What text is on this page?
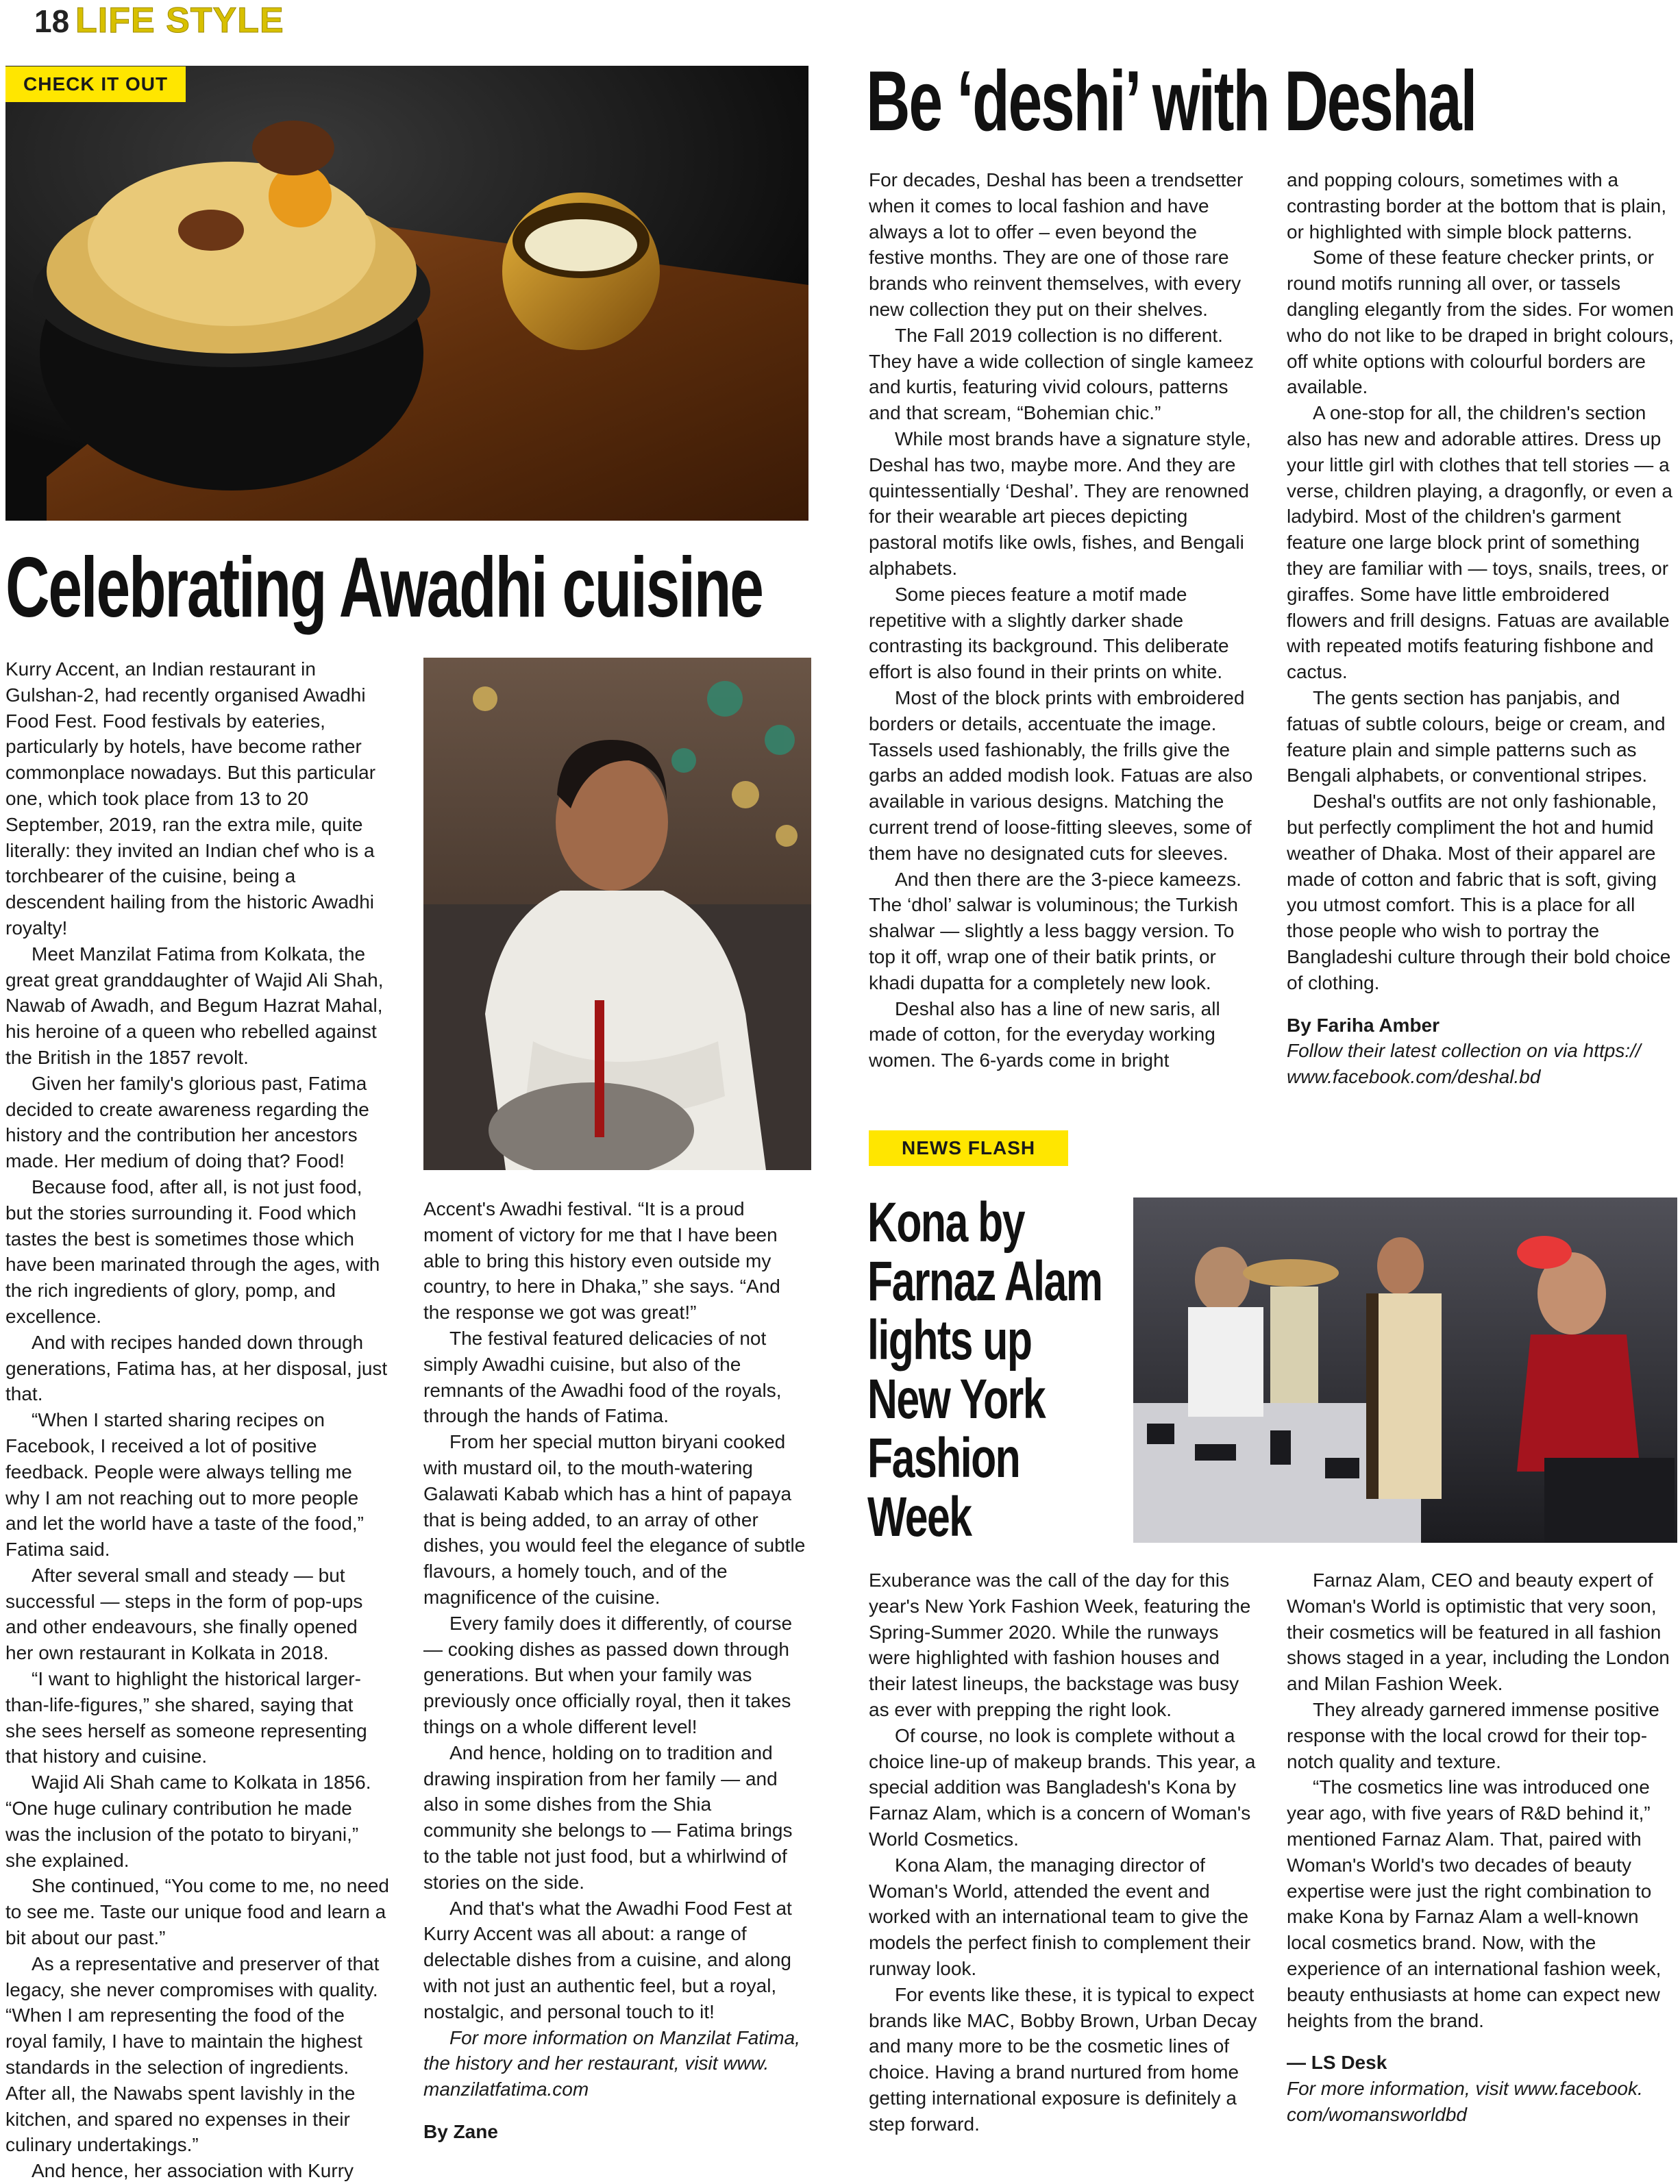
18 LIFE STYLE
CHECK IT OUT
Celebrating Awadhi cuisine

Kurry Accent, an Indian restaurant in Gulshan-2, had recently organised Awadhi Food Fest. Food festivals by eateries, particularly by hotels, have become rather commonplace nowadays. But this particular one, which took place from 13 to 20 September, 2019, ran the extra mile, quite literally: they invited an Indian chef who is a torchbearer of the cuisine, being a descendent hailing from the historic Awadhi royalty!

Meet Manzilat Fatima from Kolkata, the great great granddaughter of Wajid Ali Shah, Nawab of Awadh, and Begum Hazrat Mahal, his heroine of a queen who rebelled against the British in the 1857 revolt.

Given her family's glorious past, Fatima decided to create awareness regarding the history and the contribution her ancestors made. Her medium of doing that? Food!

Because food, after all, is not just food, but the stories surrounding it. Food which tastes the best is sometimes those which have been marinated through the ages, with the rich ingredients of glory, pomp, and excellence.

And with recipes handed down through generations, Fatima has, at her disposal, just that.

“When I started sharing recipes on Facebook, I received a lot of positive feedback. People were always telling me why I am not reaching out to more people and let the world have a taste of the food,” Fatima said.

After several small and steady — but successful — steps in the form of pop-ups and other endeavours, she finally opened her own restaurant in Kolkata in 2018.

“I want to highlight the historical larger-than-life-figures,” she shared, saying that she sees herself as someone representing that history and cuisine.

Wajid Ali Shah came to Kolkata in 1856. “One huge culinary contribution he made was the inclusion of the potato to biryani,” she explained.

She continued, “You come to me, no need to see me. Taste our unique food and learn a bit about our past.”

As a representative and preserver of that legacy, she never compromises with quality. “When I am representing the food of the royal family, I have to maintain the highest standards in the selection of ingredients. After all, the Nawabs spent lavishly in the kitchen, and spared no expenses in their culinary undertakings.”

And hence, her association with Kurry

Accent's Awadhi festival. “It is a proud moment of victory for me that I have been able to bring this history even outside my country, to here in Dhaka,” she says. “And the response we got was great!”

The festival featured delicacies of not simply Awadhi cuisine, but also of the remnants of the Awadhi food of the royals, through the hands of Fatima.

From her special mutton biryani cooked with mustard oil, to the mouth-watering Galawati Kabab which has a hint of papaya that is being added, to an array of other dishes, you would feel the elegance of subtle flavours, a homely touch, and of the magnificence of the cuisine.

Every family does it differently, of course — cooking dishes as passed down through generations. But when your family was previously once officially royal, then it takes things on a whole different level!

And hence, holding on to tradition and drawing inspiration from her family — and also in some dishes from the Shia community she belongs to — Fatima brings to the table not just food, but a whirlwind of stories on the side.

And that's what the Awadhi Food Fest at Kurry Accent was all about: a range of delectable dishes from a cuisine, and along with not just an authentic feel, but a royal, nostalgic, and personal touch to it!

For more information on Manzilat Fatima, the history and her restaurant, visit www. manzilatfatima.com

By Zane

Be ‘deshi’ with Deshal

For decades, Deshal has been a trendsetter when it comes to local fashion and have always a lot to offer – even beyond the festive months. They are one of those rare brands who reinvent themselves, with every new collection they put on their shelves.

The Fall 2019 collection is no different. They have a wide collection of single kameez and kurtis, featuring vivid colours, patterns and that scream, “Bohemian chic.”

While most brands have a signature style, Deshal has two, maybe more. And they are quintessentially ‘Deshal’. They are renowned for their wearable art pieces depicting pastoral motifs like owls, fishes, and Bengali alphabets.

Some pieces feature a motif made repetitive with a slightly darker shade contrasting its background. This deliberate effort is also found in their prints on white.

Most of the block prints with embroidered borders or details, accentuate the image. Tassels used fashionably, the frills give the garbs an added modish look. Fatuas are also available in various designs. Matching the current trend of loose-fitting sleeves, some of them have no designated cuts for sleeves.

And then there are the 3-piece kameezs. The ‘dhol’ salwar is voluminous; the Turkish shalwar — slightly a less baggy version. To top it off, wrap one of their batik prints, or khadi dupatta for a completely new look.

Deshal also has a line of new saris, all made of cotton, for the everyday working women. The 6-yards come in bright

and popping colours, sometimes with a contrasting border at the bottom that is plain, or highlighted with simple block patterns.

Some of these feature checker prints, or round motifs running all over, or tassels dangling elegantly from the sides. For women who do not like to be draped in bright colours, off white options with colourful borders are available.

A one-stop for all, the children's section also has new and adorable attires. Dress up your little girl with clothes that tell stories — a verse, children playing, a dragonfly, or even a ladybird. Most of the children's garment feature one large block print of something they are familiar with — toys, snails, trees, or giraffes. Some have little embroidered flowers and frill designs. Fatuas are available with repeated motifs featuring fishbone and cactus.

The gents section has panjabis, and fatuas of subtle colours, beige or cream, and feature plain and simple patterns such as Bengali alphabets, or conventional stripes.

Deshal's outfits are not only fashionable, but perfectly compliment the hot and humid weather of Dhaka. Most of their apparel are made of cotton and fabric that is soft, giving you utmost comfort. This is a place for all those people who wish to portray the Bangladeshi culture through their bold choice of clothing.

By Fariha Amber

Follow their latest collection on via https:// www.facebook.com/deshal.bd

NEWS FLASH
Kona by
Farnaz Alam
lights up
New York
Fashion
Week

Exuberance was the call of the day for this year's New York Fashion Week, featuring the Spring-Summer 2020. While the runways were highlighted with fashion houses and their latest lineups, the backstage was busy as ever with prepping the right look.

Of course, no look is complete without a choice line-up of makeup brands. This year, a special addition was Bangladesh's Kona by Farnaz Alam, which is a concern of Woman's World Cosmetics.

Kona Alam, the managing director of Woman's World, attended the event and worked with an international team to give the models the perfect finish to complement their runway look.

For events like these, it is typical to expect brands like MAC, Bobby Brown, Urban Decay and many more to be the cosmetic lines of choice. Having a brand nurtured from home getting international exposure is definitely a step forward.

Farnaz Alam, CEO and beauty expert of Woman's World is optimistic that very soon, their cosmetics will be featured in all fashion shows staged in a year, including the London and Milan Fashion Week.

They already garnered immense positive response with the local crowd for their top-notch quality and texture.

“The cosmetics line was introduced one year ago, with five years of R&D behind it,” mentioned Farnaz Alam. That, paired with Woman's World's two decades of beauty expertise were just the right combination to make Kona by Farnaz Alam a well-known local cosmetics brand. Now, with the experience of an international fashion week, beauty enthusiasts at home can expect new heights from the brand.

— LS Desk

For more information, visit www.facebook. com/womansworldbd
